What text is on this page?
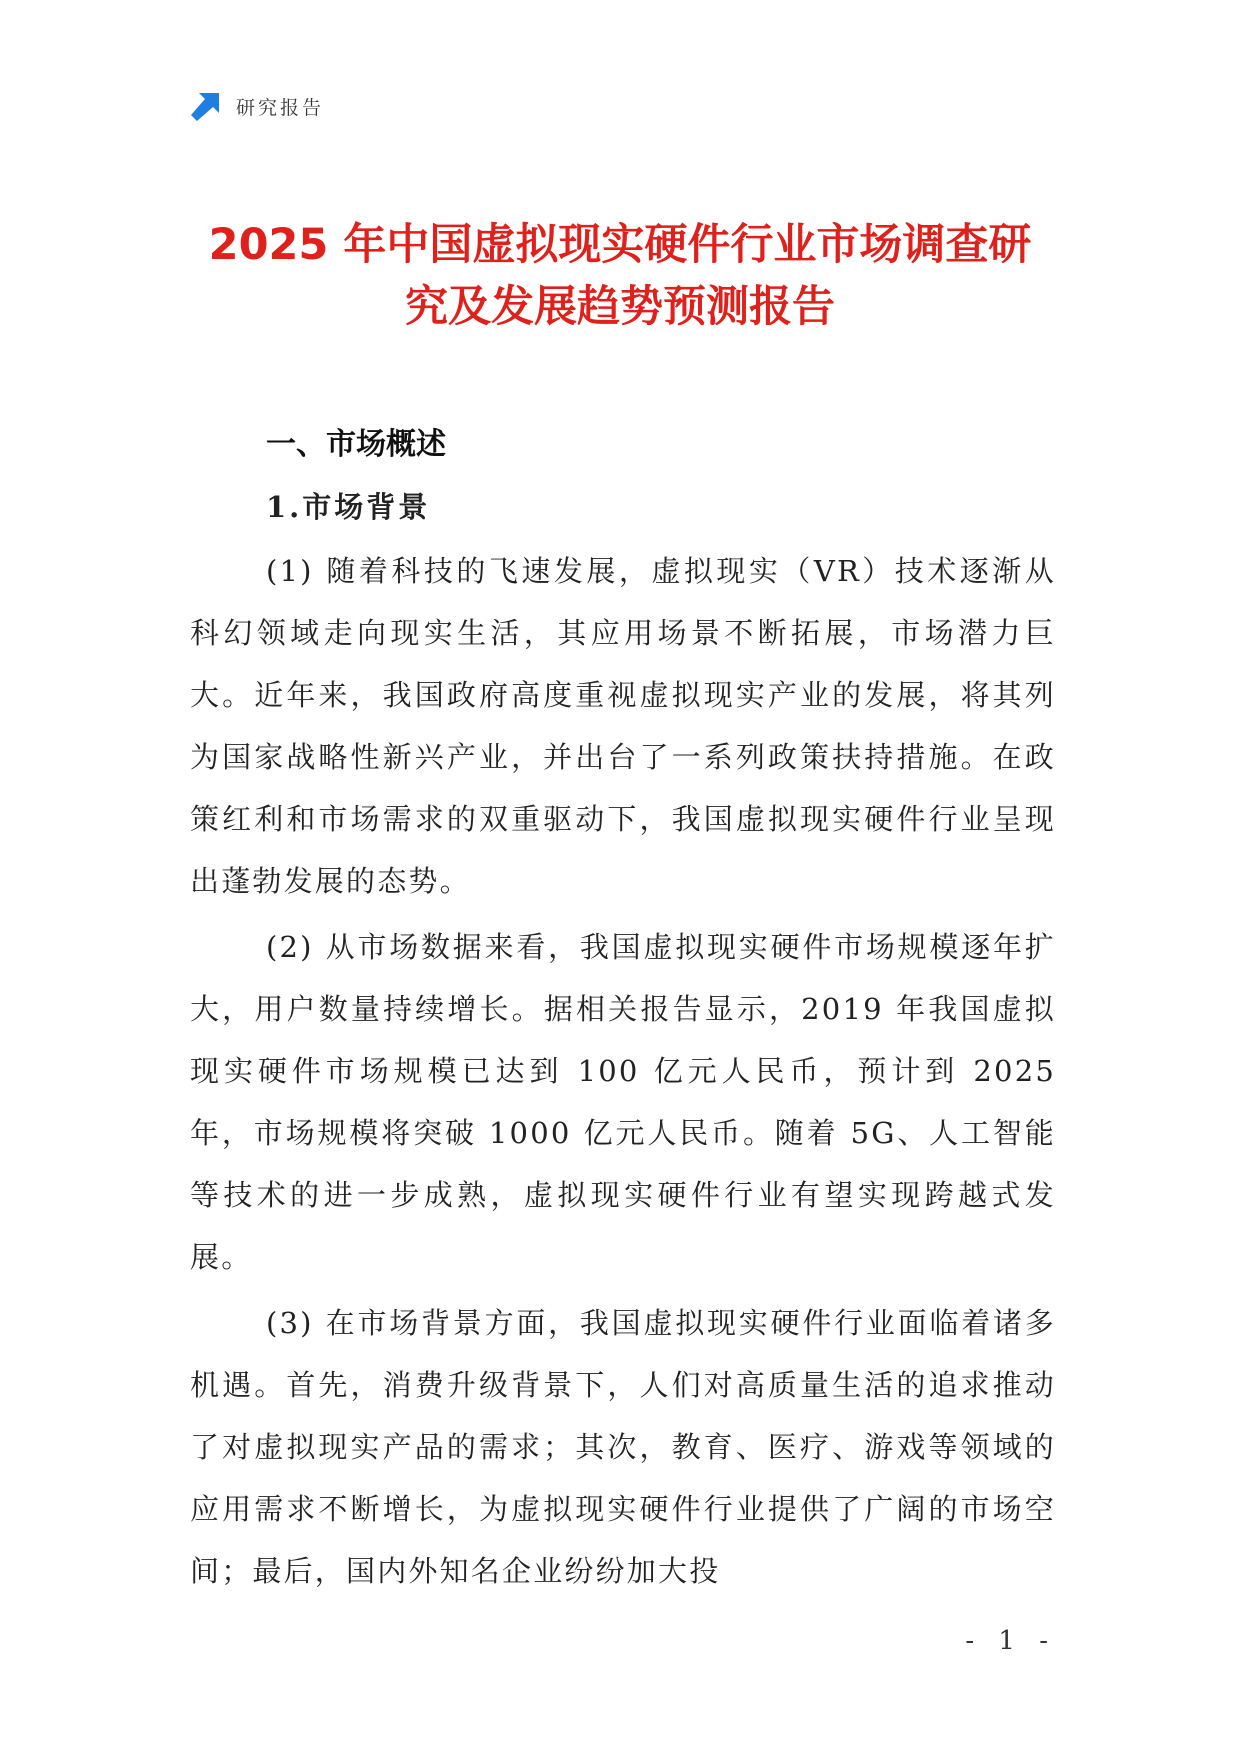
研究报告
2025 年中国虚拟现实硬件行业市场调查研
究及发展趋势预测报告
一、市场概述
1.市场背景

(1) 随着科技的飞速发展，虚拟现实（VR）技术逐渐从科幻领域走向现实生活，其应用场景不断拓展，市场潜力巨大。近年来，我国政府高度重视虚拟现实产业的发展，将其列为国家战略性新兴产业，并出台了一系列政策扶持措施。在政策红利和市场需求的双重驱动下，我国虚拟现实硬件行业呈现出蓬勃发展的态势。

(2) 从市场数据来看，我国虚拟现实硬件市场规模逐年扩大，用户数量持续增长。据相关报告显示，2019 年我国虚拟现实硬件市场规模已达到 100 亿元人民币，预计到 2025 年，市场规模将突破 1000 亿元人民币。随着 5G、人工智能等技术的进一步成熟，虚拟现实硬件行业有望实现跨越式发展。

(3) 在市场背景方面，我国虚拟现实硬件行业面临着诸多机遇。首先，消费升级背景下，人们对高质量生活的追求推动了对虚拟现实产品的需求；其次，教育、医疗、游戏等领域的应用需求不断增长，为虚拟现实硬件行业提供了广阔的市场空间；最后，国内外知名企业纷纷加大投

- 1 -
